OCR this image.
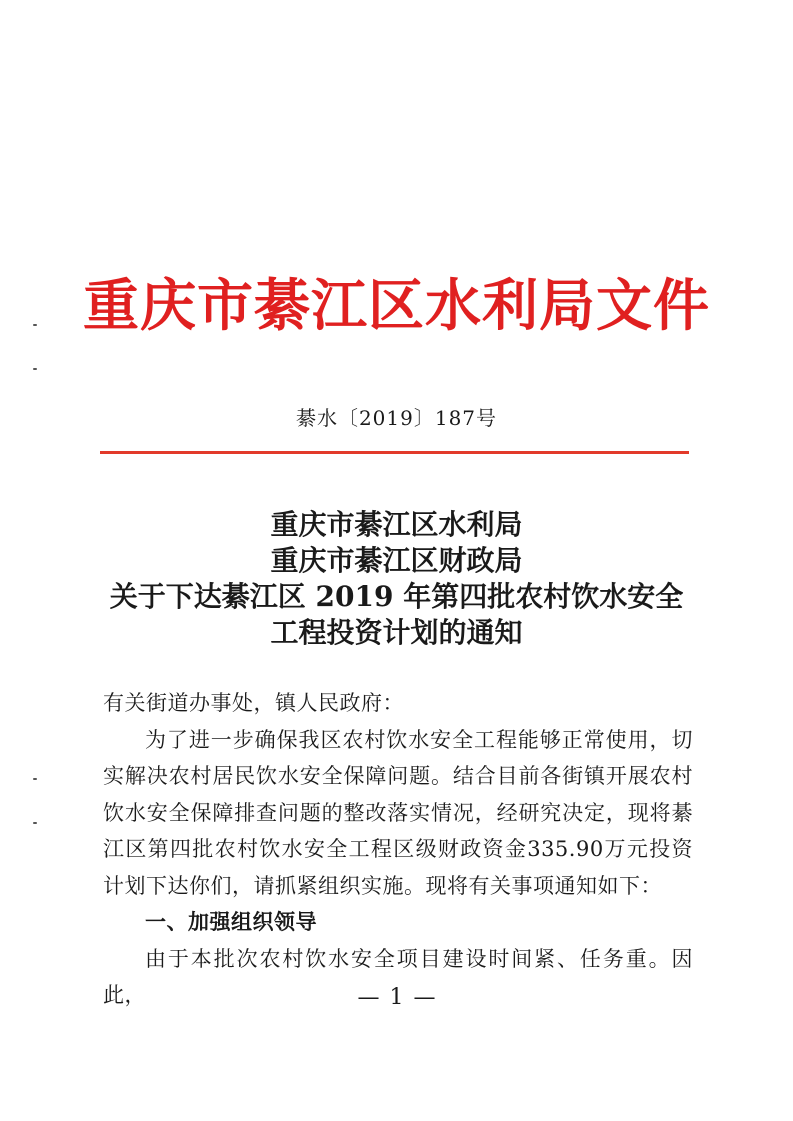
重庆市綦江区水利局文件
綦水〔2019〕187号
重庆市綦江区水利局
重庆市綦江区财政局
关于下达綦江区 2019 年第四批农村饮水安全
工程投资计划的通知
有关街道办事处，镇人民政府：
为了进一步确保我区农村饮水安全工程能够正常使用，切实解决农村居民饮水安全保障问题。结合目前各街镇开展农村饮水安全保障排查问题的整改落实情况，经研究决定，现将綦江区第四批农村饮水安全工程区级财政资金335.90万元投资计划下达你们，请抓紧组织实施。现将有关事项通知如下：
一、加强组织领导
由于本批次农村饮水安全项目建设时间紧、任务重。因此，	— 1 —
